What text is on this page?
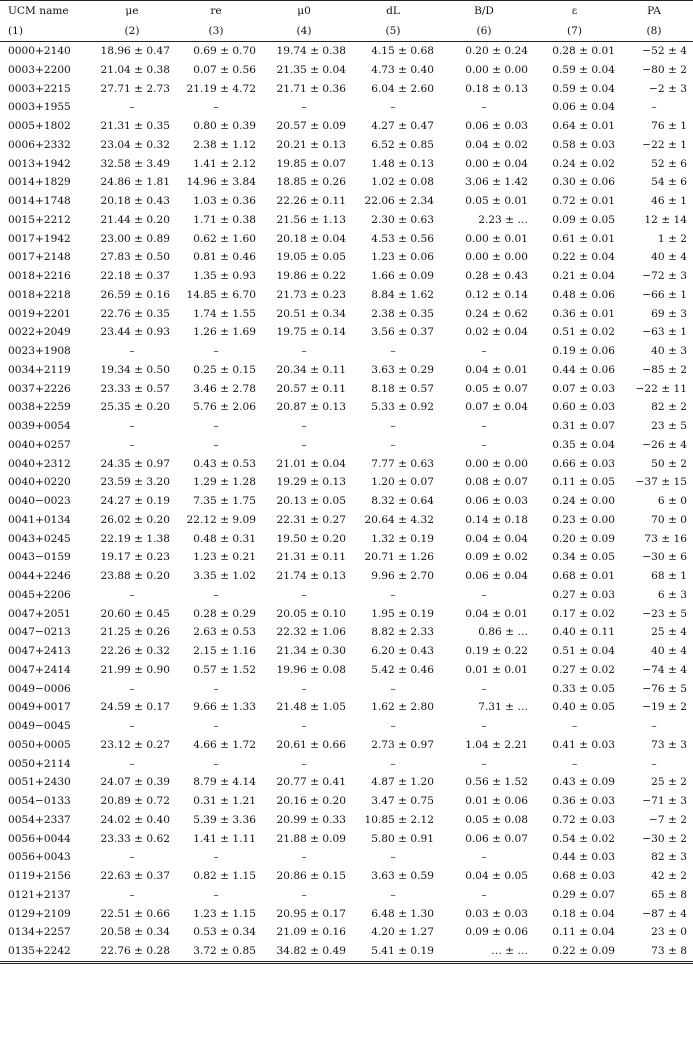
UCM name	μe	re	μ0	dL	B/D	ε	PA
(1)	(2)	(3)	(4)	(5)	(6)	(7)	(8)
0000+2140	18.96 ± 0.47	0.69 ± 0.70	19.74 ± 0.38	4.15 ± 0.68	0.20 ± 0.24	0.28 ± 0.01	−52 ± 4
0003+2200	21.04 ± 0.38	0.07 ± 0.56	21.35 ± 0.04	4.73 ± 0.40	0.00 ± 0.00	0.59 ± 0.04	−80 ± 2
0003+2215	27.71 ± 2.73	21.19 ± 4.72	21.71 ± 0.36	6.04 ± 2.60	0.18 ± 0.13	0.59 ± 0.04	−2 ± 3
0003+1955	–	–	–	–	–	0.06 ± 0.04	–
0005+1802	21.31 ± 0.35	0.80 ± 0.39	20.57 ± 0.09	4.27 ± 0.47	0.06 ± 0.03	0.64 ± 0.01	76 ± 1
0006+2332	23.04 ± 0.32	2.38 ± 1.12	20.21 ± 0.13	6.52 ± 0.85	0.04 ± 0.02	0.58 ± 0.03	−22 ± 1
0013+1942	32.58 ± 3.49	1.41 ± 2.12	19.85 ± 0.07	1.48 ± 0.13	0.00 ± 0.04	0.24 ± 0.02	52 ± 6
0014+1829	24.86 ± 1.81	14.96 ± 3.84	18.85 ± 0.26	1.02 ± 0.08	3.06 ± 1.42	0.30 ± 0.06	54 ± 6
0014+1748	20.18 ± 0.43	1.03 ± 0.36	22.26 ± 0.11	22.06 ± 2.34	0.05 ± 0.01	0.72 ± 0.01	46 ± 1
0015+2212	21.44 ± 0.20	1.71 ± 0.38	21.56 ± 1.13	2.30 ± 0.63	2.23 ± …	0.09 ± 0.05	12 ± 14
0017+1942	23.00 ± 0.89	0.62 ± 1.60	20.18 ± 0.04	4.53 ± 0.56	0.00 ± 0.01	0.61 ± 0.01	1 ± 2
0017+2148	27.83 ± 0.50	0.81 ± 0.46	19.05 ± 0.05	1.23 ± 0.06	0.00 ± 0.00	0.22 ± 0.04	40 ± 4
0018+2216	22.18 ± 0.37	1.35 ± 0.93	19.86 ± 0.22	1.66 ± 0.09	0.28 ± 0.43	0.21 ± 0.04	−72 ± 3
0018+2218	26.59 ± 0.16	14.85 ± 6.70	21.73 ± 0.23	8.84 ± 1.62	0.12 ± 0.14	0.48 ± 0.06	−66 ± 1
0019+2201	22.76 ± 0.35	1.74 ± 1.55	20.51 ± 0.34	2.38 ± 0.35	0.24 ± 0.62	0.36 ± 0.01	69 ± 3
0022+2049	23.44 ± 0.93	1.26 ± 1.69	19.75 ± 0.14	3.56 ± 0.37	0.02 ± 0.04	0.51 ± 0.02	−63 ± 1
0023+1908	–	–	–	–	–	0.19 ± 0.06	40 ± 3
0034+2119	19.34 ± 0.50	0.25 ± 0.15	20.34 ± 0.11	3.63 ± 0.29	0.04 ± 0.01	0.44 ± 0.06	−85 ± 2
0037+2226	23.33 ± 0.57	3.46 ± 2.78	20.57 ± 0.11	8.18 ± 0.57	0.05 ± 0.07	0.07 ± 0.03	−22 ± 11
0038+2259	25.35 ± 0.20	5.76 ± 2.06	20.87 ± 0.13	5.33 ± 0.92	0.07 ± 0.04	0.60 ± 0.03	82 ± 2
0039+0054	–	–	–	–	–	0.31 ± 0.07	23 ± 5
0040+0257	–	–	–	–	–	0.35 ± 0.04	−26 ± 4
0040+2312	24.35 ± 0.97	0.43 ± 0.53	21.01 ± 0.04	7.77 ± 0.63	0.00 ± 0.00	0.66 ± 0.03	50 ± 2
0040+0220	23.59 ± 3.20	1.29 ± 1.28	19.29 ± 0.13	1.20 ± 0.07	0.08 ± 0.07	0.11 ± 0.05	−37 ± 15
0040−0023	24.27 ± 0.19	7.35 ± 1.75	20.13 ± 0.05	8.32 ± 0.64	0.06 ± 0.03	0.24 ± 0.00	6 ± 0
0041+0134	26.02 ± 0.20	22.12 ± 9.09	22.31 ± 0.27	20.64 ± 4.32	0.14 ± 0.18	0.23 ± 0.00	70 ± 0
0043+0245	22.19 ± 1.38	0.48 ± 0.31	19.50 ± 0.20	1.32 ± 0.19	0.04 ± 0.04	0.20 ± 0.09	73 ± 16
0043−0159	19.17 ± 0.23	1.23 ± 0.21	21.31 ± 0.11	20.71 ± 1.26	0.09 ± 0.02	0.34 ± 0.05	−30 ± 6
0044+2246	23.88 ± 0.20	3.35 ± 1.02	21.74 ± 0.13	9.96 ± 2.70	0.06 ± 0.04	0.68 ± 0.01	68 ± 1
0045+2206	–	–	–	–	–	0.27 ± 0.03	6 ± 3
0047+2051	20.60 ± 0.45	0.28 ± 0.29	20.05 ± 0.10	1.95 ± 0.19	0.04 ± 0.01	0.17 ± 0.02	−23 ± 5
0047−0213	21.25 ± 0.26	2.63 ± 0.53	22.32 ± 1.06	8.82 ± 2.33	0.86 ± …	0.40 ± 0.11	25 ± 4
0047+2413	22.26 ± 0.32	2.15 ± 1.16	21.34 ± 0.30	6.20 ± 0.43	0.19 ± 0.22	0.51 ± 0.04	40 ± 4
0047+2414	21.99 ± 0.90	0.57 ± 1.52	19.96 ± 0.08	5.42 ± 0.46	0.01 ± 0.01	0.27 ± 0.02	−74 ± 4
0049−0006	–	–	–	–	–	0.33 ± 0.05	−76 ± 5
0049+0017	24.59 ± 0.17	9.66 ± 1.33	21.48 ± 1.05	1.62 ± 2.80	7.31 ± …	0.40 ± 0.05	−19 ± 2
0049−0045	–	–	–	–	–	–	–
0050+0005	23.12 ± 0.27	4.66 ± 1.72	20.61 ± 0.66	2.73 ± 0.97	1.04 ± 2.21	0.41 ± 0.03	73 ± 3
0050+2114	–	–	–	–	–	–	–
0051+2430	24.07 ± 0.39	8.79 ± 4.14	20.77 ± 0.41	4.87 ± 1.20	0.56 ± 1.52	0.43 ± 0.09	25 ± 2
0054−0133	20.89 ± 0.72	0.31 ± 1.21	20.16 ± 0.20	3.47 ± 0.75	0.01 ± 0.06	0.36 ± 0.03	−71 ± 3
0054+2337	24.02 ± 0.40	5.39 ± 3.36	20.99 ± 0.33	10.85 ± 2.12	0.05 ± 0.08	0.72 ± 0.03	−7 ± 2
0056+0044	23.33 ± 0.62	1.41 ± 1.11	21.88 ± 0.09	5.80 ± 0.91	0.06 ± 0.07	0.54 ± 0.02	−30 ± 2
0056+0043	–	–	–	–	–	0.44 ± 0.03	82 ± 3
0119+2156	22.63 ± 0.37	0.82 ± 1.15	20.86 ± 0.15	3.63 ± 0.59	0.04 ± 0.05	0.68 ± 0.03	42 ± 2
0121+2137	–	–	–	–	–	0.29 ± 0.07	65 ± 8
0129+2109	22.51 ± 0.66	1.23 ± 1.15	20.95 ± 0.17	6.48 ± 1.30	0.03 ± 0.03	0.18 ± 0.04	−87 ± 4
0134+2257	20.58 ± 0.34	0.53 ± 0.34	21.09 ± 0.16	4.20 ± 1.27	0.09 ± 0.06	0.11 ± 0.04	23 ± 0
0135+2242	22.76 ± 0.28	3.72 ± 0.85	34.82 ± 0.49	5.41 ± 0.19	… ± …	0.22 ± 0.09	73 ± 8
